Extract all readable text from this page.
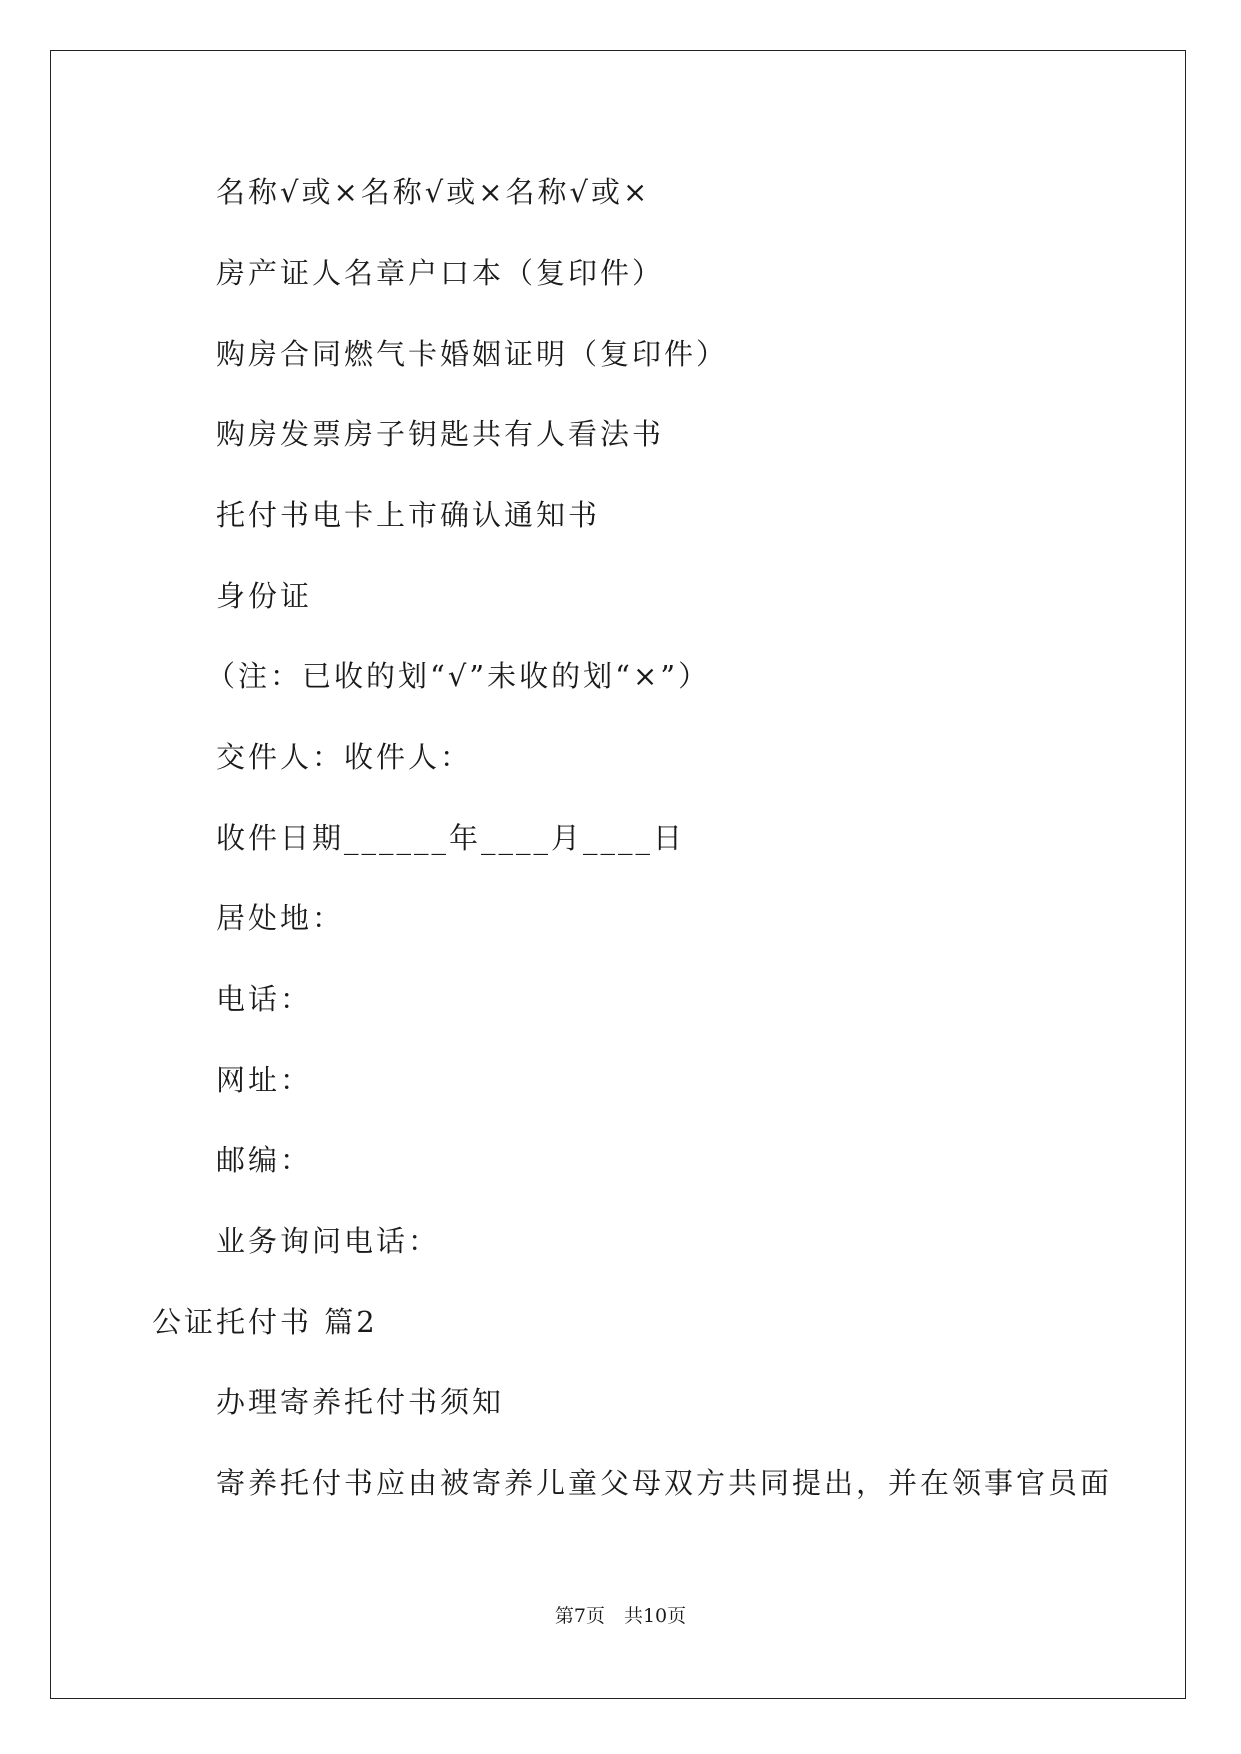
名称√或×名称√或×名称√或×

房产证人名章户口本（复印件）

购房合同燃气卡婚姻证明（复印件）

购房发票房子钥匙共有人看法书

托付书电卡上市确认通知书

身份证

（注：已收的划“√”未收的划“×”）

交件人：收件人：

收件日期______年____月____日

居处地：

电话：

网址：

邮编：

业务询问电话：

公证托付书 篇2

办理寄养托付书须知

寄养托付书应由被寄养儿童父母双方共同提出，并在领事官员面

第7页　共10页
